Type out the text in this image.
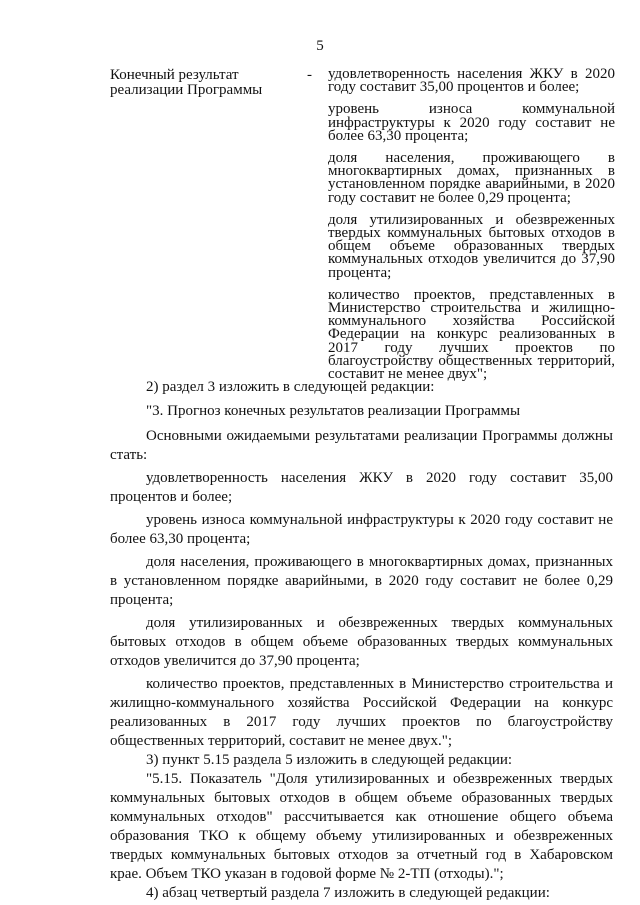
5
Конечный результат реализации Программы
- удовлетворенность населения ЖКУ в 2020 году составит 35,00 процентов и более;

уровень износа коммунальной инфраструктуры к 2020 году составит не более 63,30 процента;

доля населения, проживающего в многоквартирных домах, признанных в установленном порядке аварийными, в 2020 году составит не более 0,29 процента;

доля утилизированных и обезвреженных твердых коммунальных бытовых отходов в общем объеме образованных твердых коммунальных отходов увеличится до 37,90 процента;

количество проектов, представленных в Министерство строительства и жилищно-коммунального хозяйства Российской Федерации на конкурс реализованных в 2017 году лучших проектов по благоустройству общественных территорий, составит не менее двух";

2) раздел 3 изложить в следующей редакции:

"3. Прогноз конечных результатов реализации Программы

Основными ожидаемыми результатами реализации Программы должны стать:

удовлетворенность населения ЖКУ в 2020 году составит 35,00 процентов и более;

уровень износа коммунальной инфраструктуры к 2020 году составит не более 63,30 процента;

доля населения, проживающего в многоквартирных домах, признанных в установленном порядке аварийными, в 2020 году составит не более 0,29 процента;

доля утилизированных и обезвреженных твердых коммунальных бытовых отходов в общем объеме образованных твердых коммунальных отходов увеличится до 37,90 процента;

количество проектов, представленных в Министерство строительства и жилищно-коммунального хозяйства Российской Федерации на конкурс реализованных в 2017 году лучших проектов по благоустройству общественных территорий, составит не менее двух.";

3) пункт 5.15 раздела 5 изложить в следующей редакции:

"5.15. Показатель "Доля утилизированных и обезвреженных твердых коммунальных бытовых отходов в общем объеме образованных твердых коммунальных отходов" рассчитывается как отношение общего объема образования ТКО к общему объему утилизированных и обезвреженных твердых коммунальных бытовых отходов за отчетный год в Хабаровском крае. Объем ТКО указан в годовой форме № 2-ТП (отходы).";

4) абзац четвертый раздела 7 изложить в следующей редакции:
